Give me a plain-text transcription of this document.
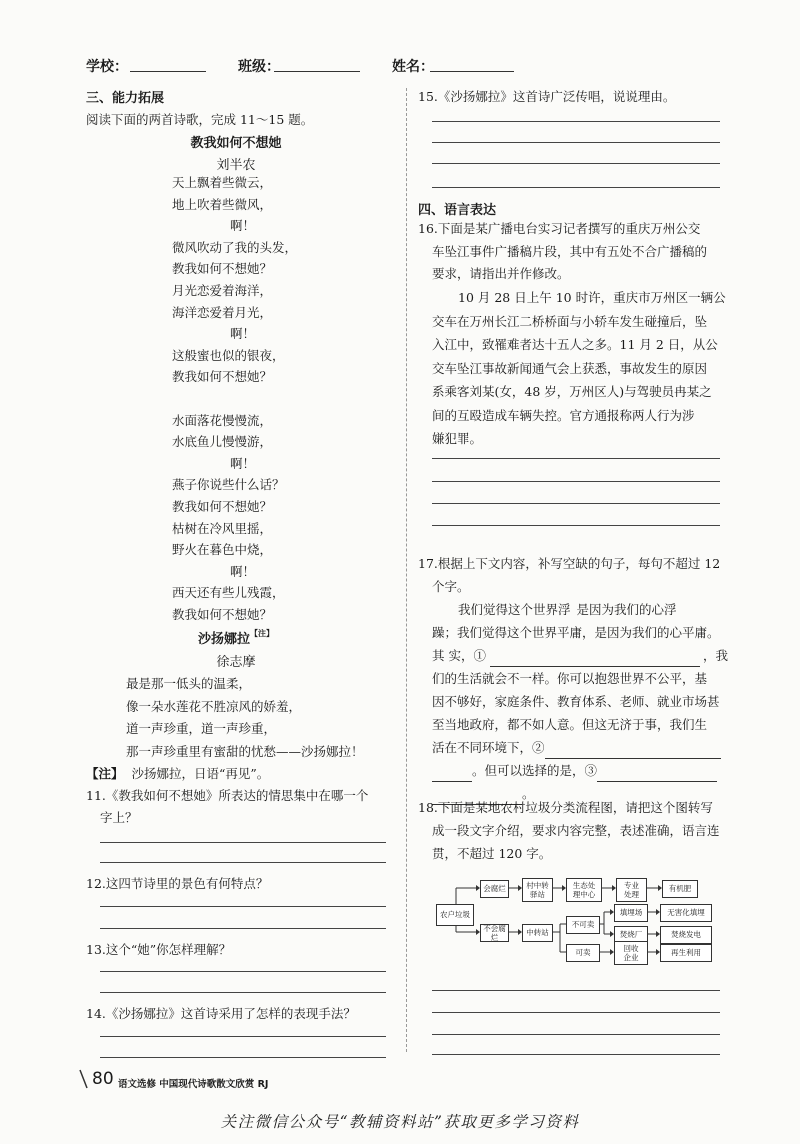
学校：	班级：	姓名：
三、能力拓展
阅读下面的两首诗歌，完成 11～15 题。
教我如何不想她
刘半农
天上飘着些微云，
地上吹着些微风，
啊！
微风吹动了我的头发，
教我如何不想她？
月光恋爱着海洋，
海洋恋爱着月光，
啊！
这般蜜也似的银夜，
教我如何不想她？
水面落花慢慢流，
水底鱼儿慢慢游，
啊！
燕子你说些什么话？
教我如何不想她？
枯树在冷风里摇，
野火在暮色中烧，
啊！
西天还有些儿残霞，
教我如何不想她？
沙扬娜拉$^{【注】}$
徐志摩
最是那一低头的温柔，
像一朵水莲花不胜凉风的娇羞，
道一声珍重，道一声珍重，
那一声珍重里有蜜甜的忧愁——沙扬娜拉！
【注】 沙扬娜拉，日语“再见”。
11.《教我如何不想她》所表达的情思集中在哪一个
字上？
12.这四节诗里的景色有何特点？
13.这个“她”你怎样理解？
14.《沙扬娜拉》这首诗采用了怎样的表现手法？
15.《沙扬娜拉》这首诗广泛传唱，说说理由。
四、语言表达
16.下面是某广播电台实习记者撰写的重庆万州公交
车坠江事件广播稿片段，其中有五处不合广播稿的
要求，请指出并作修改。
10 月 28 日上午 10 时许，重庆市万州区一辆公
交车在万州长江二桥桥面与小轿车发生碰撞后，坠
入江中，致罹难者达十五人之多。11 月 2 日，从公
交车坠江事故新闻通气会上获悉，事故发生的原因
系乘客刘某(女，48 岁，万州区人)与驾驶员冉某之
间的互殴造成车辆失控。官方通报称两人行为涉
嫌犯罪。
17.根据上下文内容，补写空缺的句子，每句不超过 12
个字。
我们觉得这个世界浮 是因为我们的心浮
躁；我们觉得这个世界平庸，是因为我们的心平庸。
其 实，①	，我
们的生活就会不一样。你可以抱怨世界不公平，基
因不够好，家庭条件、教育体系、老师、就业市场甚
至当地政府，都不如人意。但这无济于事，我们生
活在不同环境下，②
。但可以选择的是，③
。
18.下面是某地农村垃圾分类流程图，请把这个图转写
成一段文字介绍，要求内容完整，表述准确，语言连
贯，不超过 120 字。
农户垃圾
会腐烂	村中转
驿站
生态处
理中心
专业
处理
有机肥
不会腐烂
中转站
不可卖
填埋场	无害化填埋
焚烧厂	焚烧发电
可卖
回收
企业
再生利用
80 语文选修 中国现代诗歌散文欣赏 RJ
关注微信公众号“教辅资料站”获取更多学习资料
